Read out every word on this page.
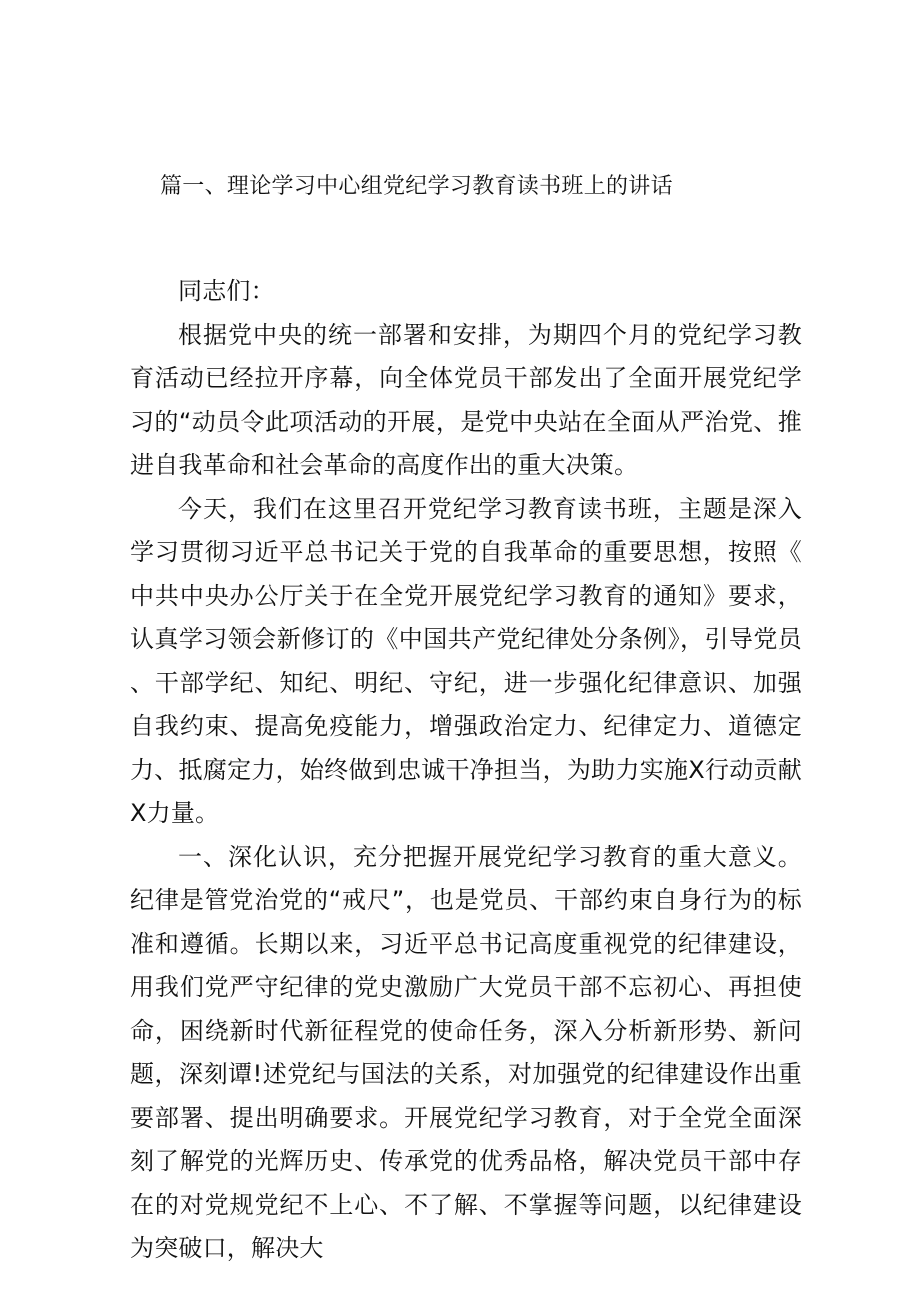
篇一、理论学习中心组党纪学习教育读书班上的讲话

同志们：

根据党中央的统一部署和安排，为期四个月的党纪学习教育活动已经拉开序幕，向全体党员干部发出了全面开展党纪学习的“动员令此项活动的开展，是党中央站在全面从严治党、推进自我革命和社会革命的高度作出的重大决策。

今天，我们在这里召开党纪学习教育读书班，主题是深入学习贯彻习近平总书记关于党的自我革命的重要思想，按照《中共中央办公厅关于在全党开展党纪学习教育的通知》要求，认真学习领会新修订的《中国共产党纪律处分条例》，引导党员、干部学纪、知纪、明纪、守纪，进一步强化纪律意识、加强自我约束、提高免疫能力，增强政治定力、纪律定力、道德定力、抵腐定力，始终做到忠诚干净担当，为助力实施X行动贡献X力量。

一、深化认识，充分把握开展党纪学习教育的重大意义。纪律是管党治党的“戒尺”，也是党员、干部约束自身行为的标准和遵循。长期以来，习近平总书记高度重视党的纪律建设，用我们党严守纪律的党史激励广大党员干部不忘初心、再担使命，困绕新时代新征程党的使命任务，深入分析新形势、新问题，深刻谭!述党纪与国法的关系，对加强党的纪律建设作出重要部署、提出明确要求。开展党纪学习教育，对于全党全面深刻了解党的光辉历史、传承党的优秀品格，解决党员干部中存在的对党规党纪不上心、不了解、不掌握等问题，以纪律建设为突破口，解决大
